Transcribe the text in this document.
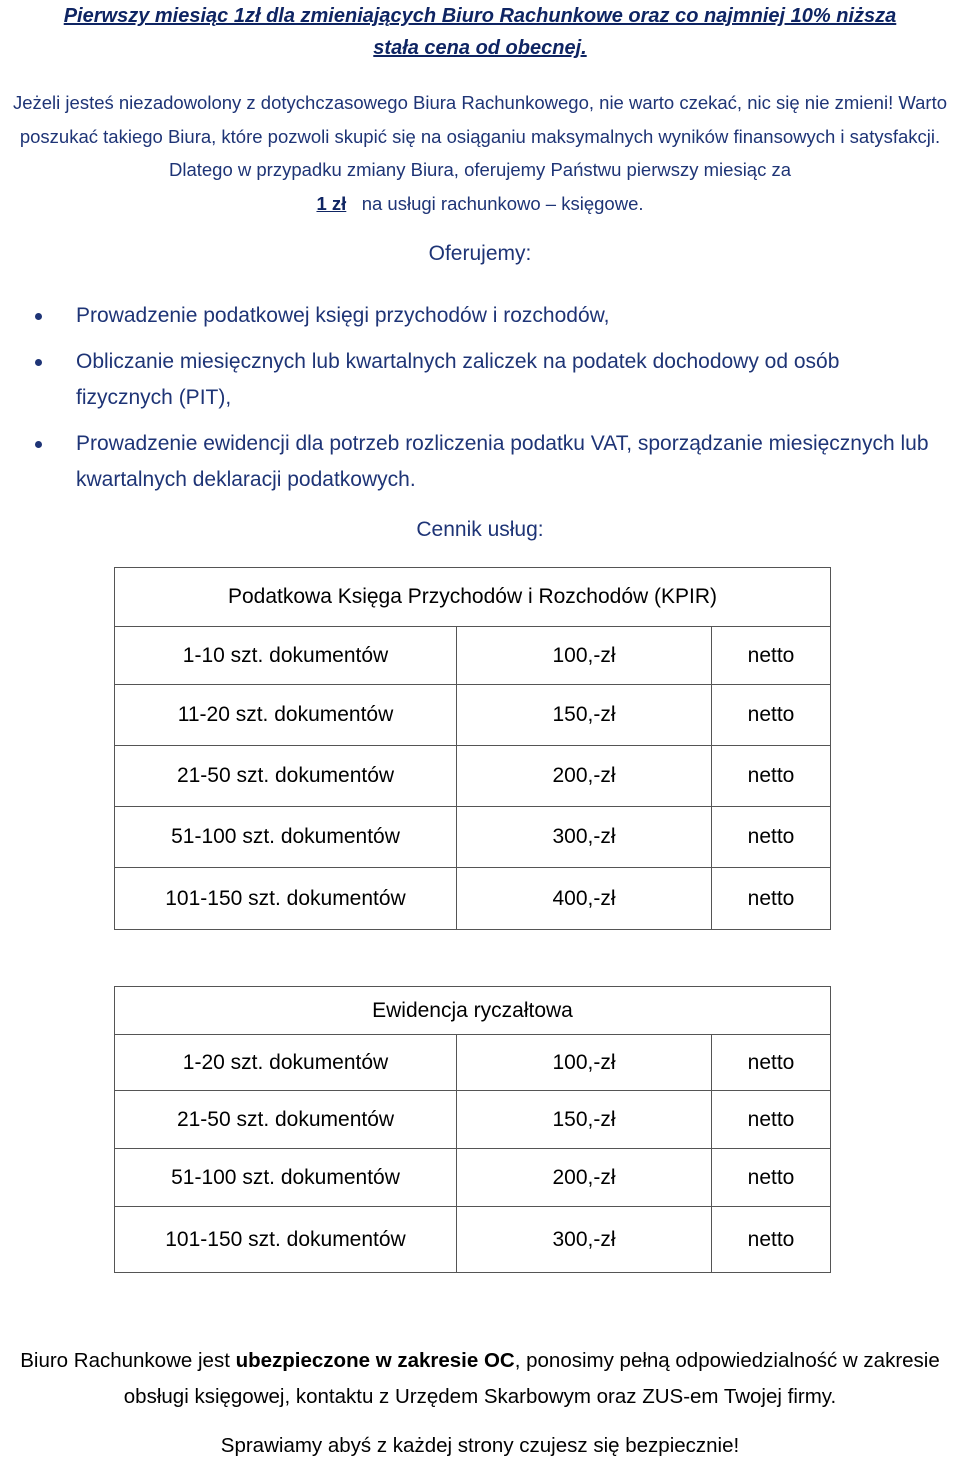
Pierwszy miesiąc 1zł dla zmieniających Biuro Rachunkowe oraz co najmniej 10% niższa
stała cena od obecnej.
Jeżeli jesteś niezadowolony z dotychczasowego Biura Rachunkowego, nie warto czekać, nic się nie zmieni! Warto poszukać takiego Biura, które pozwoli skupić się na osiąganiu maksymalnych wyników finansowych i satysfakcji. Dlatego w przypadku zmiany Biura, oferujemy Państwu pierwszy miesiąc za
1 zł na usługi rachunkowo – księgowe.
Oferujemy:
Prowadzenie podatkowej księgi przychodów i rozchodów,
Obliczanie miesięcznych lub kwartalnych zaliczek na podatek dochodowy od osób fizycznych (PIT),
Prowadzenie ewidencji dla potrzeb rozliczenia podatku VAT, sporządzanie miesięcznych lub kwartalnych deklaracji podatkowych.
Cennik usług:
Podatkowa Księga Przychodów i Rozchodów (KPIR)		
1-10 szt. dokumentów	100,-zł	netto
11-20 szt. dokumentów	150,-zł	netto
21-50 szt. dokumentów	200,-zł	netto
51-100 szt. dokumentów	300,-zł	netto
101-150 szt. dokumentów	400,-zł	netto
Ewidencja ryczałtowa		
1-20 szt. dokumentów	100,-zł	netto
21-50 szt. dokumentów	150,-zł	netto
51-100 szt. dokumentów	200,-zł	netto
101-150 szt. dokumentów	300,-zł	netto
Biuro Rachunkowe jest ubezpieczone w zakresie OC, ponosimy pełną odpowiedzialność w zakresie obsługi księgowej, kontaktu z Urzędem Skarbowym oraz ZUS-em Twojej firmy.
Sprawiamy abyś z każdej strony czujesz się bezpiecznie!
